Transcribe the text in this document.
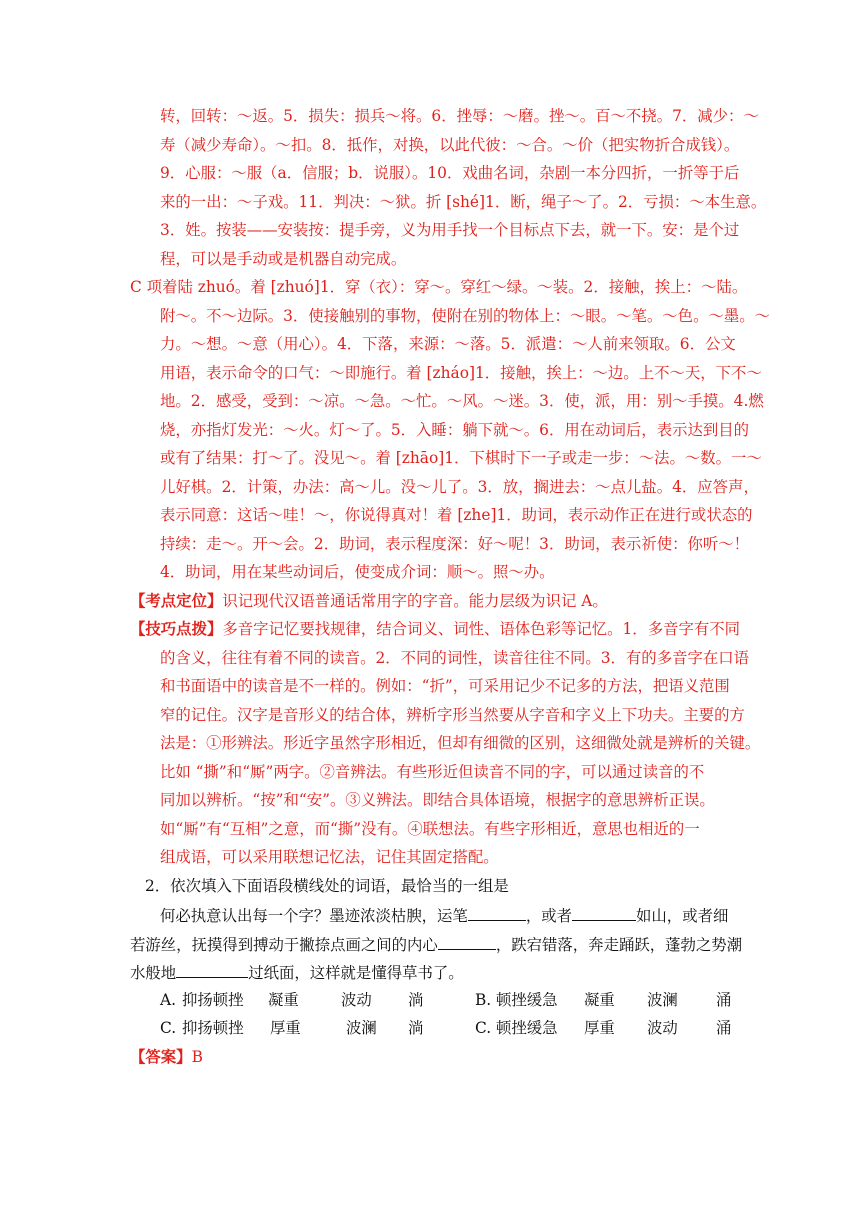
转，回转：～返。5．损失：损兵～将。6．挫辱：～磨。挫～。百～不挠。7．减少：～
寿（减少寿命）。～扣。8．抵作，对换，以此代彼：～合。～价（把实物折合成钱）。
9．心服：～服（a．信服；b．说服）。10．戏曲名词，杂剧一本分四折，一折等于后
来的一出：～子戏。11．判决：～狱。折 [shé]1．断，绳子～了。2．亏损：～本生意。
3．姓。按装——安装按：提手旁，义为用手找一个目标点下去，就一下。安：是个过
程，可以是手动或是机器自动完成。
C 项着陆 zhuó。着 [zhuó]1．穿（衣）：穿～。穿红～绿。～装。2．接触，挨上：～陆。
附～。不～边际。3．使接触别的事物，使附在别的物体上：～眼。～笔。～色。～墨。～
力。～想。～意（用心）。4．下落，来源：～落。5．派遣：～人前来领取。6．公文
用语，表示命令的口气：～即施行。着 [zháo]1．接触，挨上：～边。上不～天，下不～
地。2．感受，受到：～凉。～急。～忙。～风。～迷。3．使，派，用：别～手摸。4.燃
烧，亦指灯发光：～火。灯～了。5．入睡：躺下就～。6．用在动词后，表示达到目的
或有了结果：打～了。没见～。着 [zhāo]1．下棋时下一子或走一步：～法。～数。一～
儿好棋。2．计策，办法：高～儿。没～儿了。3．放，搁进去：～点儿盐。4．应答声，
表示同意：这话～哇！～，你说得真对！着 [zhe]1．助词，表示动作正在进行或状态的
持续：走～。开～会。2．助词，表示程度深：好～呢！3．助词，表示祈使：你听～！
4．助词，用在某些动词后，使变成介词：顺～。照～办。
【考点定位】识记现代汉语普通话常用字的字音。能力层级为识记 A。
【技巧点拨】多音字记忆要找规律，结合词义、词性、语体色彩等记忆。1．多音字有不同
的含义，往往有着不同的读音。2．不同的词性，读音往往不同。3．有的多音字在口语
和书面语中的读音是不一样的。例如：“折”，可采用记少不记多的方法，把语义范围
窄的记住。汉字是音形义的结合体，辨析字形当然要从字音和字义上下功夫。主要的方
法是：①形辨法。形近字虽然字形相近，但却有细微的区别，这细微处就是辨析的关键。
比如 “撕”和“厮”两字。②音辨法。有些形近但读音不同的字，可以通过读音的不
同加以辨析。“按”和“安”。③义辨法。即结合具体语境，根据字的意思辨析正误。
如“厮”有“互相”之意，而“撕”没有。④联想法。有些字形相近，意思也相近的一
组成语，可以采用联想记忆法，记住其固定搭配。
2．依次填入下面语段横线处的词语，最恰当的一组是
何必执意认出每一个字？墨迹浓淡枯腴，运笔	，或者	如山，或者细
若游丝，抚摸得到搏动于撇捺点画之间的内心	，跌宕错落，奔走踊跃，蓬勃之势潮
水般地	过纸面，这样就是懂得草书了。
A. 抑扬顿挫 凝重	波动 淌	B. 顿挫缓急 凝重 波澜 涌
C. 抑扬顿挫 厚重	波澜 淌	C. 顿挫缓急 厚重 波动 涌
【答案】B
